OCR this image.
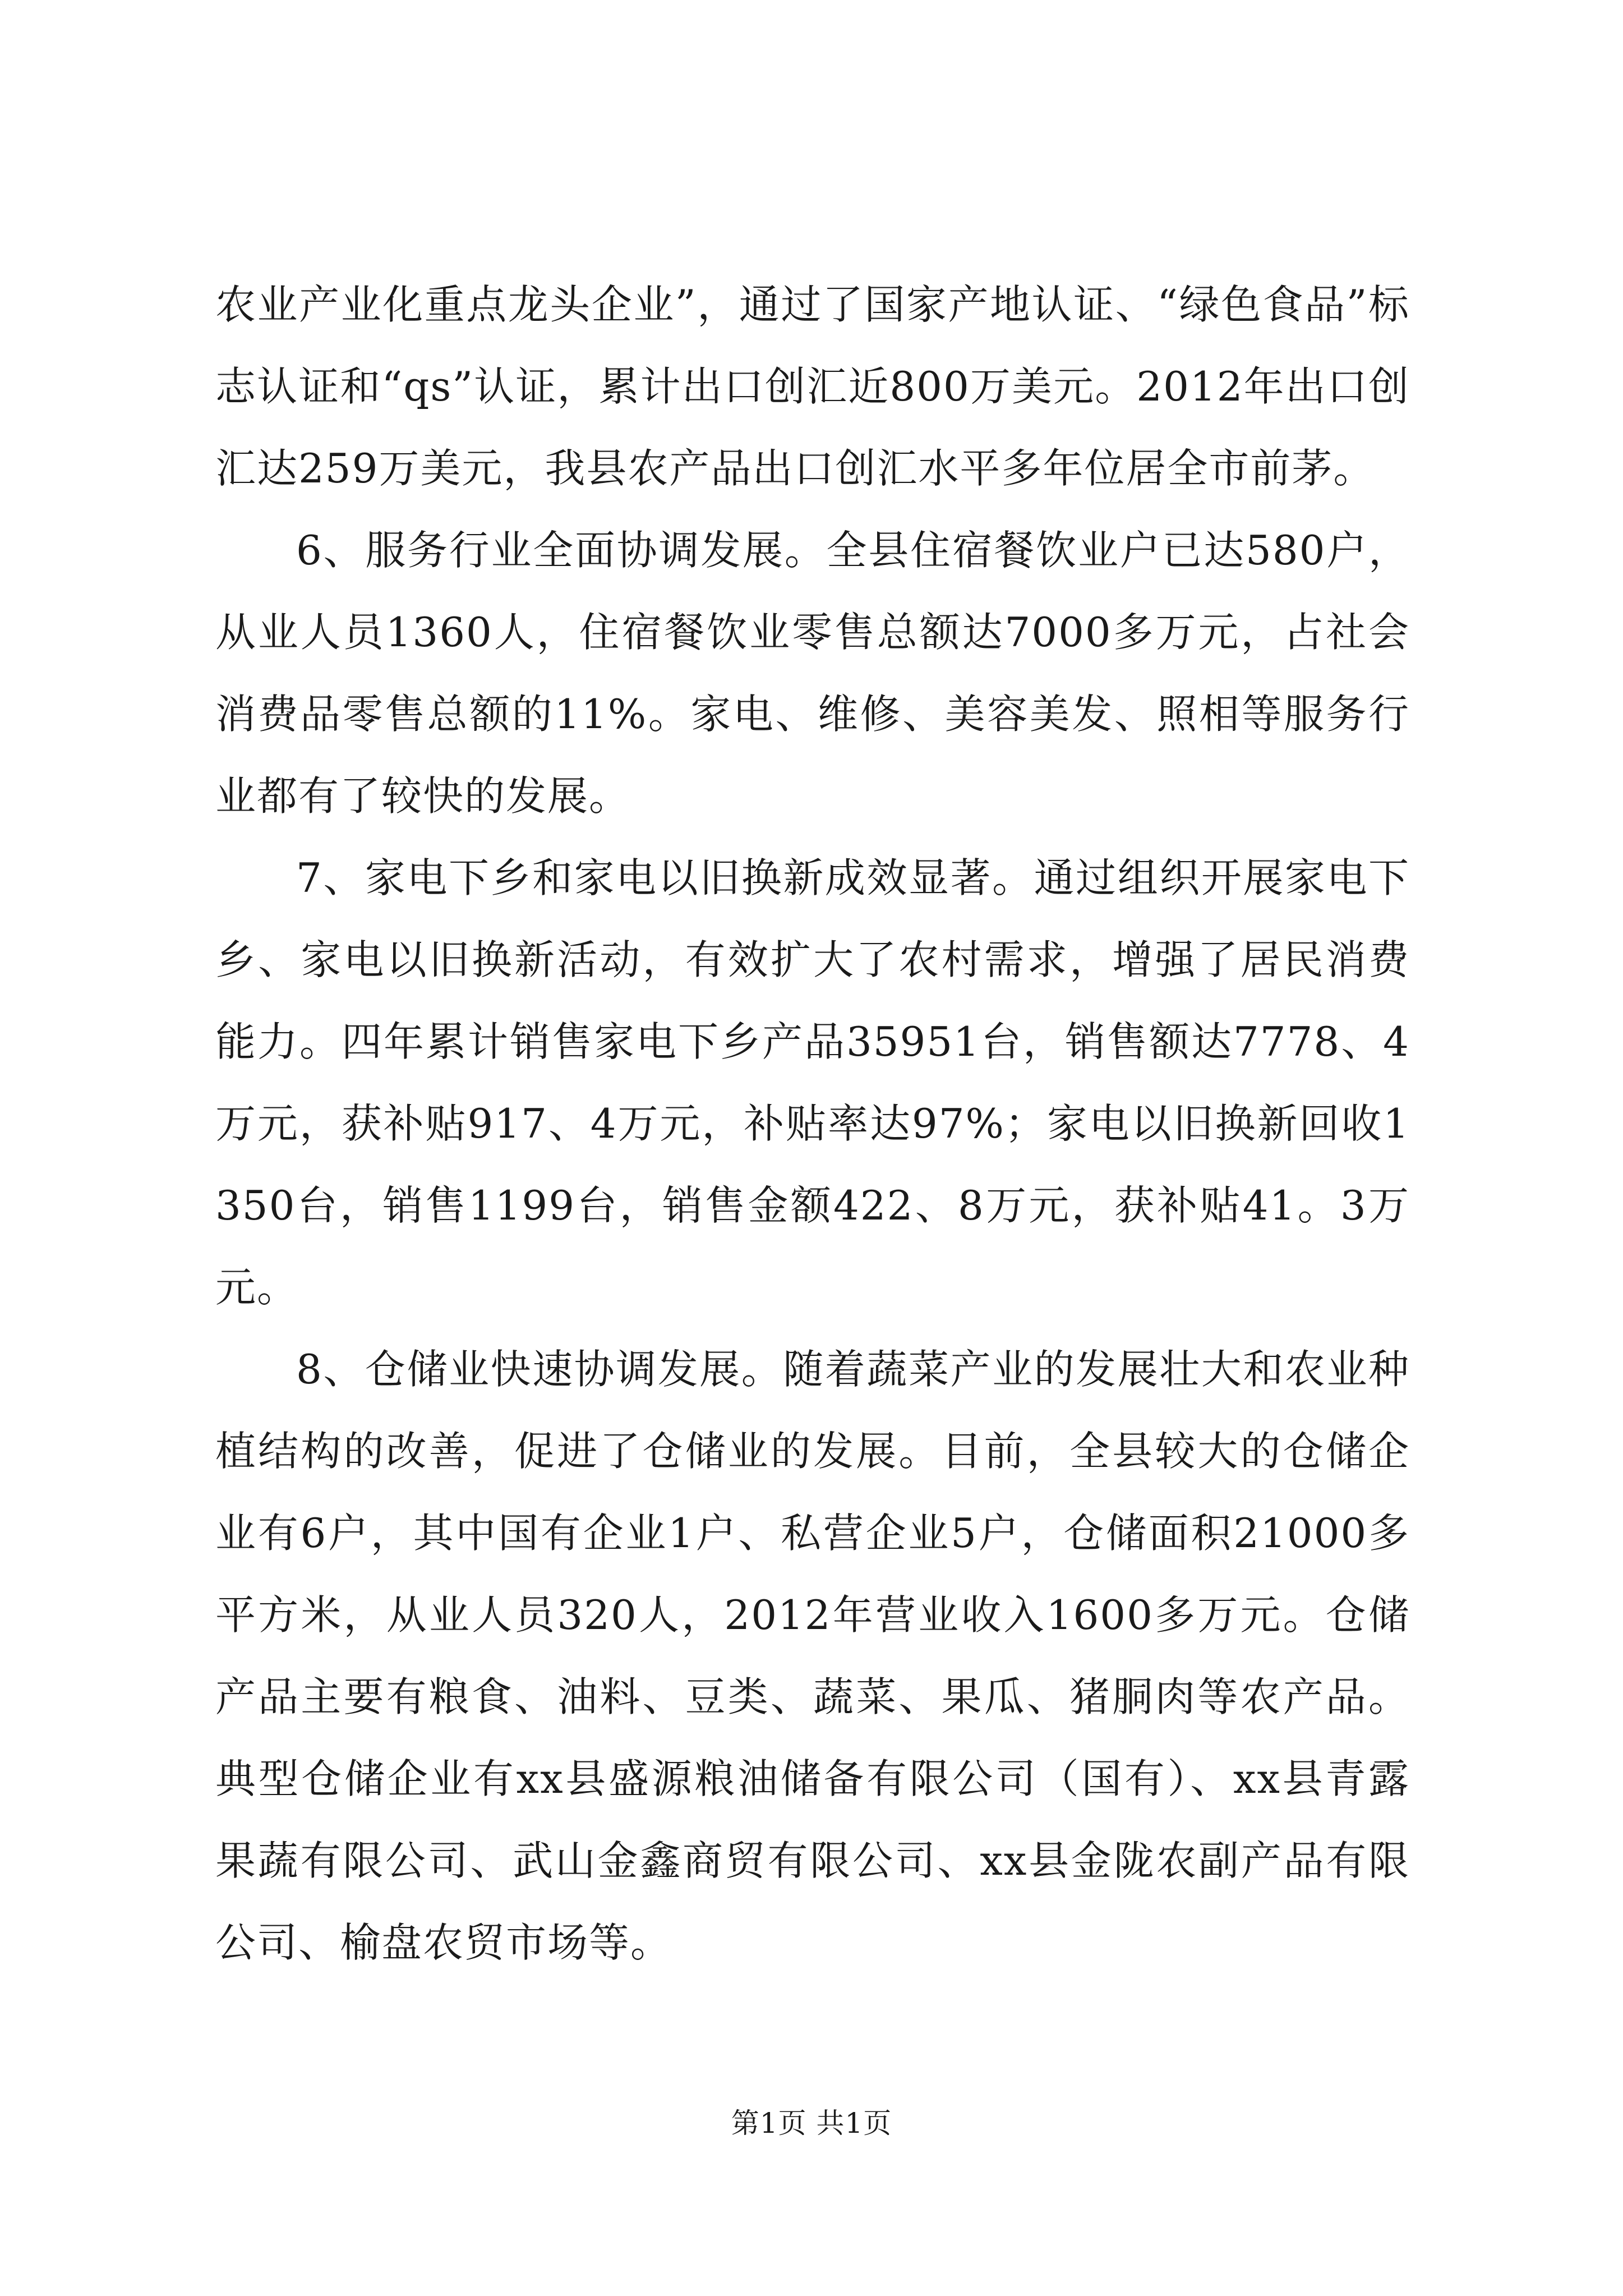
农业产业化重点龙头企业”，通过了国家产地认证、“绿色食品”标志认证和“qs”认证，累计出口创汇近800万美元。2012年出口创汇达259万美元，我县农产品出口创汇水平多年位居全市前茅。

6、服务行业全面协调发展。全县住宿餐饮业户已达580户，从业人员1360人，住宿餐饮业零售总额达7000多万元，占社会消费品零售总额的11%。家电、维修、美容美发、照相等服务行业都有了较快的发展。

7、家电下乡和家电以旧换新成效显著。通过组织开展家电下乡、家电以旧换新活动，有效扩大了农村需求，增强了居民消费能力。四年累计销售家电下乡产品35951台，销售额达7778、4万元，获补贴917、4万元，补贴率达97%；家电以旧换新回收1350台，销售1199台，销售金额422、8万元，获补贴41。3万元。

8、仓储业快速协调发展。随着蔬菜产业的发展壮大和农业种植结构的改善，促进了仓储业的发展。目前，全县较大的仓储企业有6户，其中国有企业1户、私营企业5户，仓储面积21000多平方米，从业人员320人，2012年营业收入1600多万元。仓储产品主要有粮食、油料、豆类、蔬菜、果瓜、猪胴肉等农产品。典型仓储企业有xx县盛源粮油储备有限公司（国有）、xx县青露果蔬有限公司、武山金鑫商贸有限公司、xx县金陇农副产品有限公司、榆盘农贸市场等。

第1页 共1页
